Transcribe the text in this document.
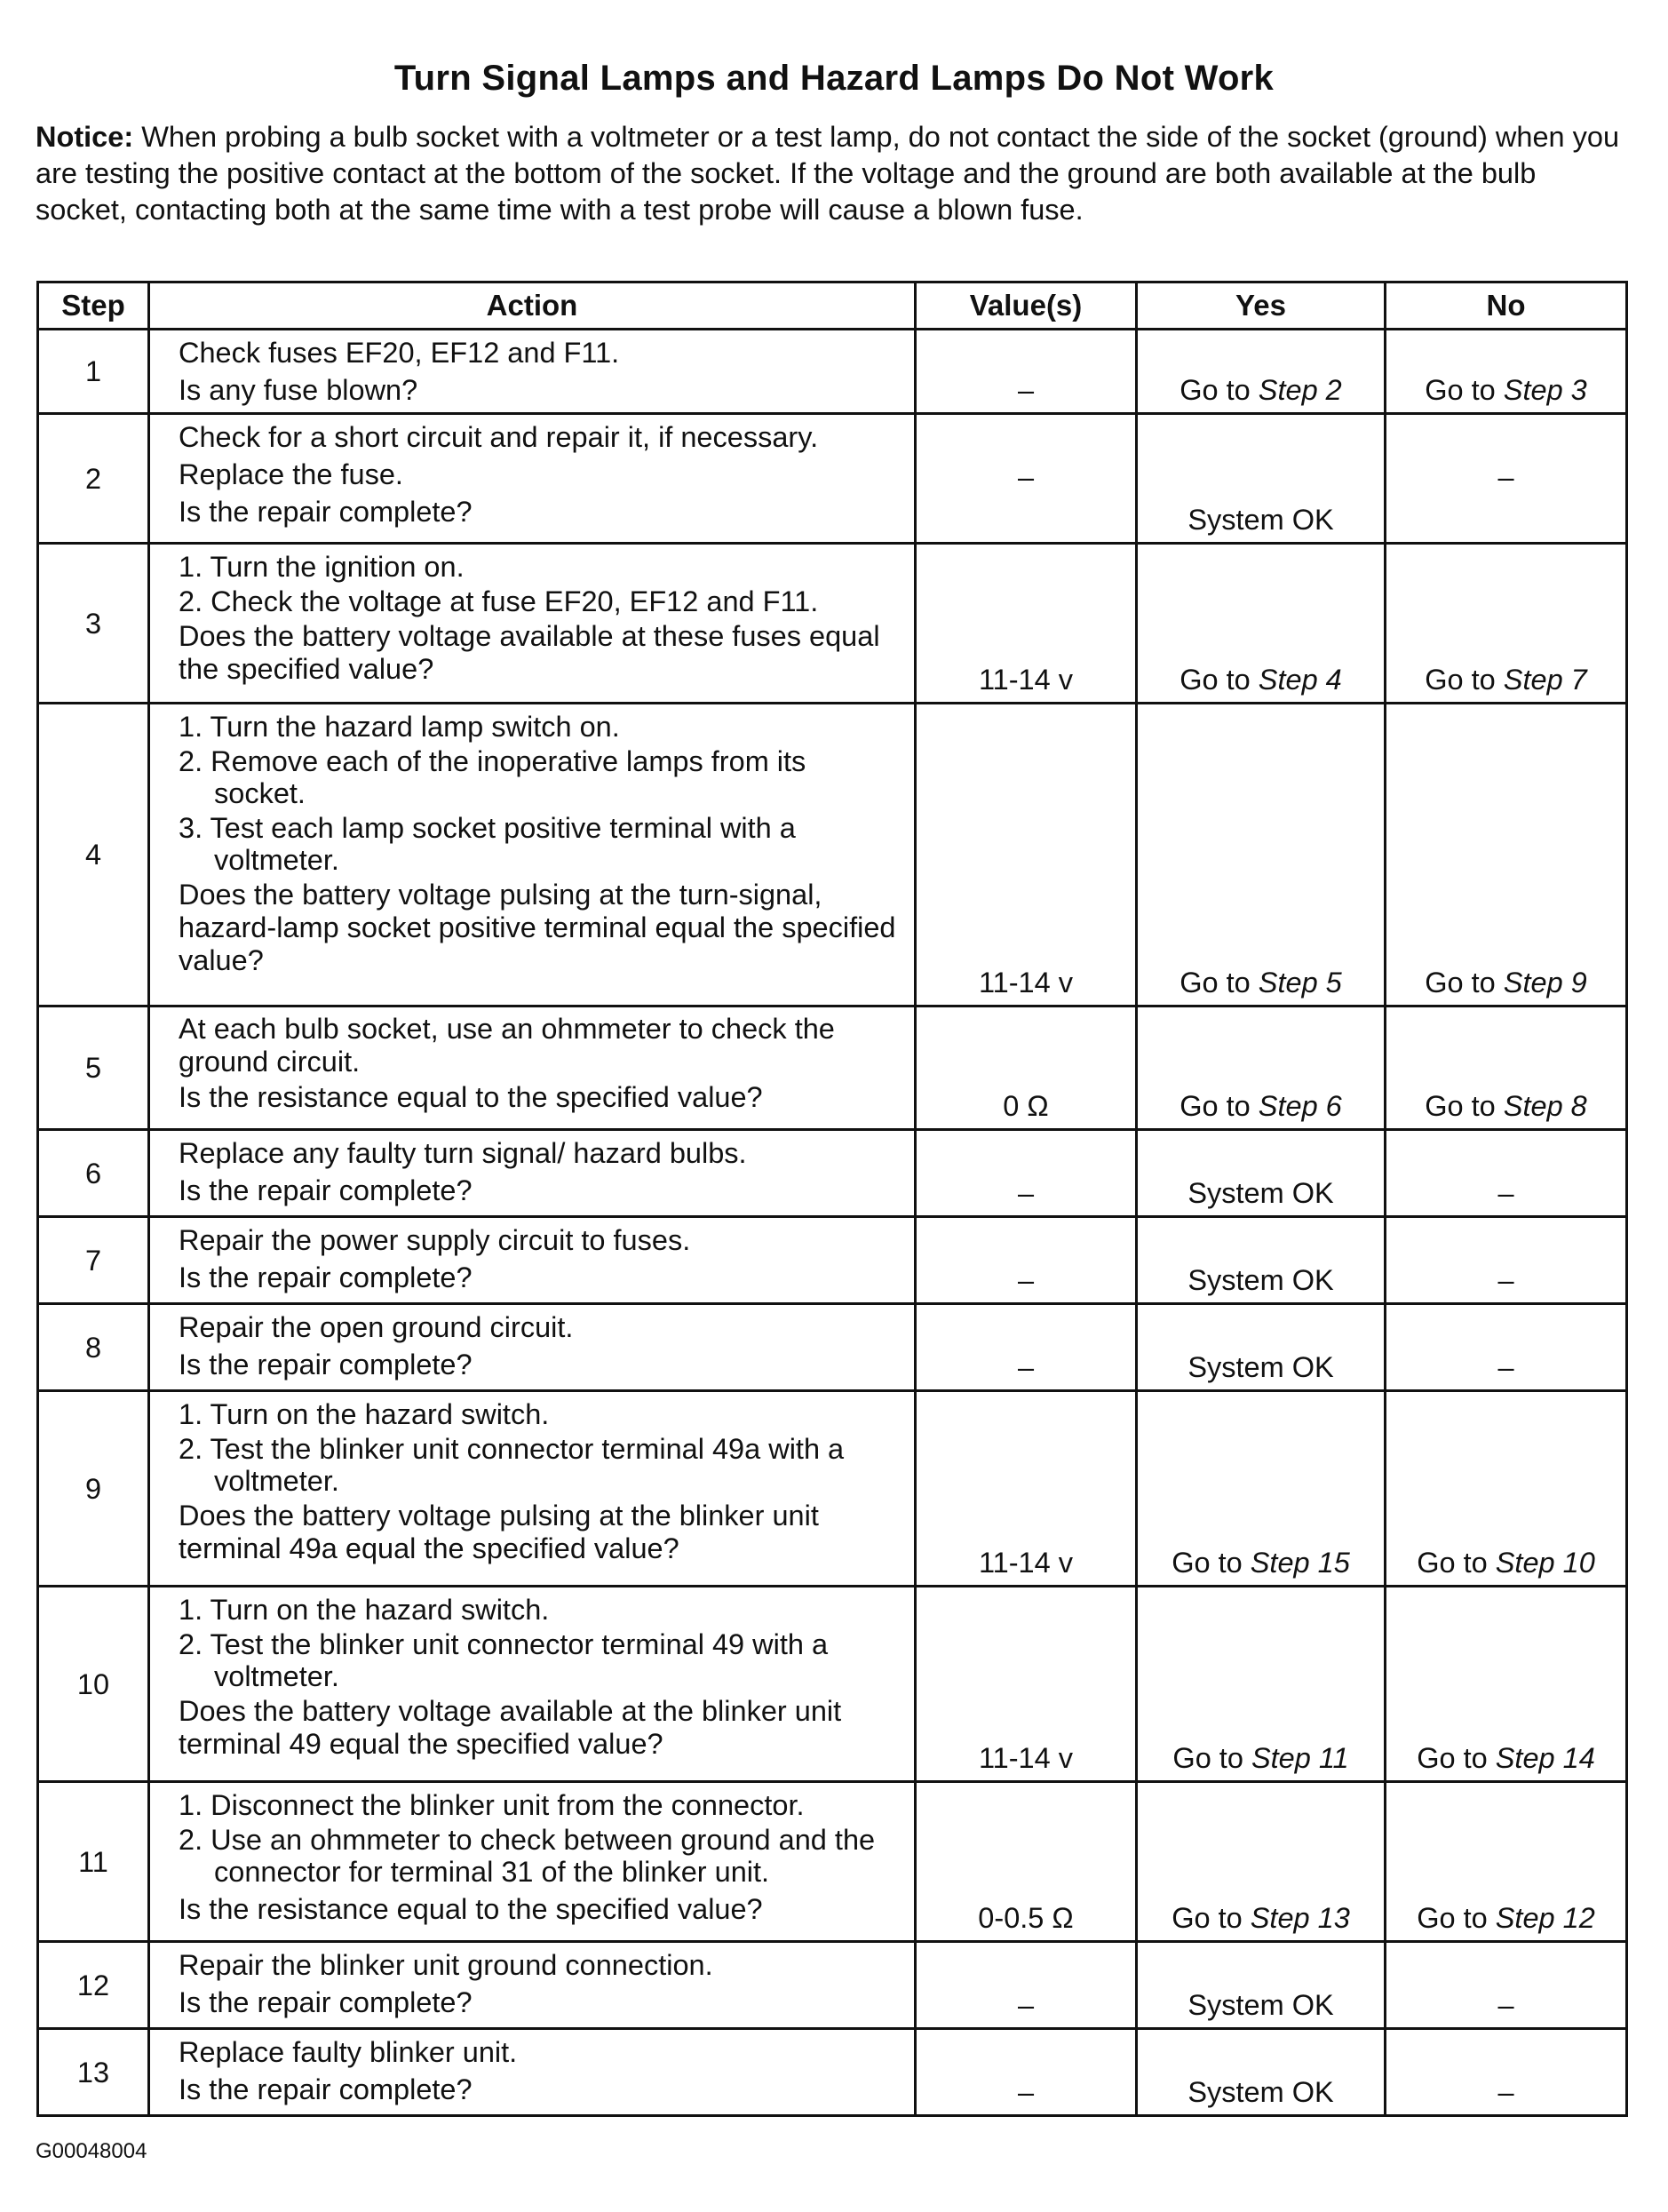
Turn Signal Lamps and Hazard Lamps Do Not Work
Notice: When probing a bulb socket with a voltmeter or a test lamp, do not contact the side of the socket (ground) when you are testing the positive contact at the bottom of the socket. If the voltage and the ground are both available at the bulb socket, contacting both at the same time with a test probe will cause a blown fuse.
Step	Action	Value(s)	Yes	No
1	Check fuses EF20, EF12 and F11.
Is any fuse blown?	–	Go to Step 2	Go to Step 3
2	Check for a short circuit and repair it, if necessary.
Replace the fuse.
Is the repair complete?	–	System OK	–
3	1. Turn the ignition on.
2. Check the voltage at fuse EF20, EF12 and F11.
Does the battery voltage available at these fuses equal the specified value?	11-14 v	Go to Step 4	Go to Step 7
4	1. Turn the hazard lamp switch on.
2. Remove each of the inoperative lamps from its socket.
3. Test each lamp socket positive terminal with a voltmeter.
Does the battery voltage pulsing at the turn-signal, hazard-lamp socket positive terminal equal the specified value?	11-14 v	Go to Step 5	Go to Step 9
5	At each bulb socket, use an ohmmeter to check the ground circuit.
Is the resistance equal to the specified value?	0 Ω	Go to Step 6	Go to Step 8
6	Replace any faulty turn signal/ hazard bulbs.
Is the repair complete?	–	System OK	–
7	Repair the power supply circuit to fuses.
Is the repair complete?	–	System OK	–
8	Repair the open ground circuit.
Is the repair complete?	–	System OK	–
9	1. Turn on the hazard switch.
2. Test the blinker unit connector terminal 49a with a voltmeter.
Does the battery voltage pulsing at the blinker unit terminal 49a equal the specified value?	11-14 v	Go to Step 15	Go to Step 10
10	1. Turn on the hazard switch.
2. Test the blinker unit connector terminal 49 with a voltmeter.
Does the battery voltage available at the blinker unit terminal 49 equal the specified value?	11-14 v	Go to Step 11	Go to Step 14
11	1. Disconnect the blinker unit from the connector.
2. Use an ohmmeter to check between ground and the connector for terminal 31 of the blinker unit.
Is the resistance equal to the specified value?	0-0.5 Ω	Go to Step 13	Go to Step 12
12	Repair the blinker unit ground connection.
Is the repair complete?	–	System OK	–
13	Replace faulty blinker unit.
Is the repair complete?	–	System OK	–
G00048004
